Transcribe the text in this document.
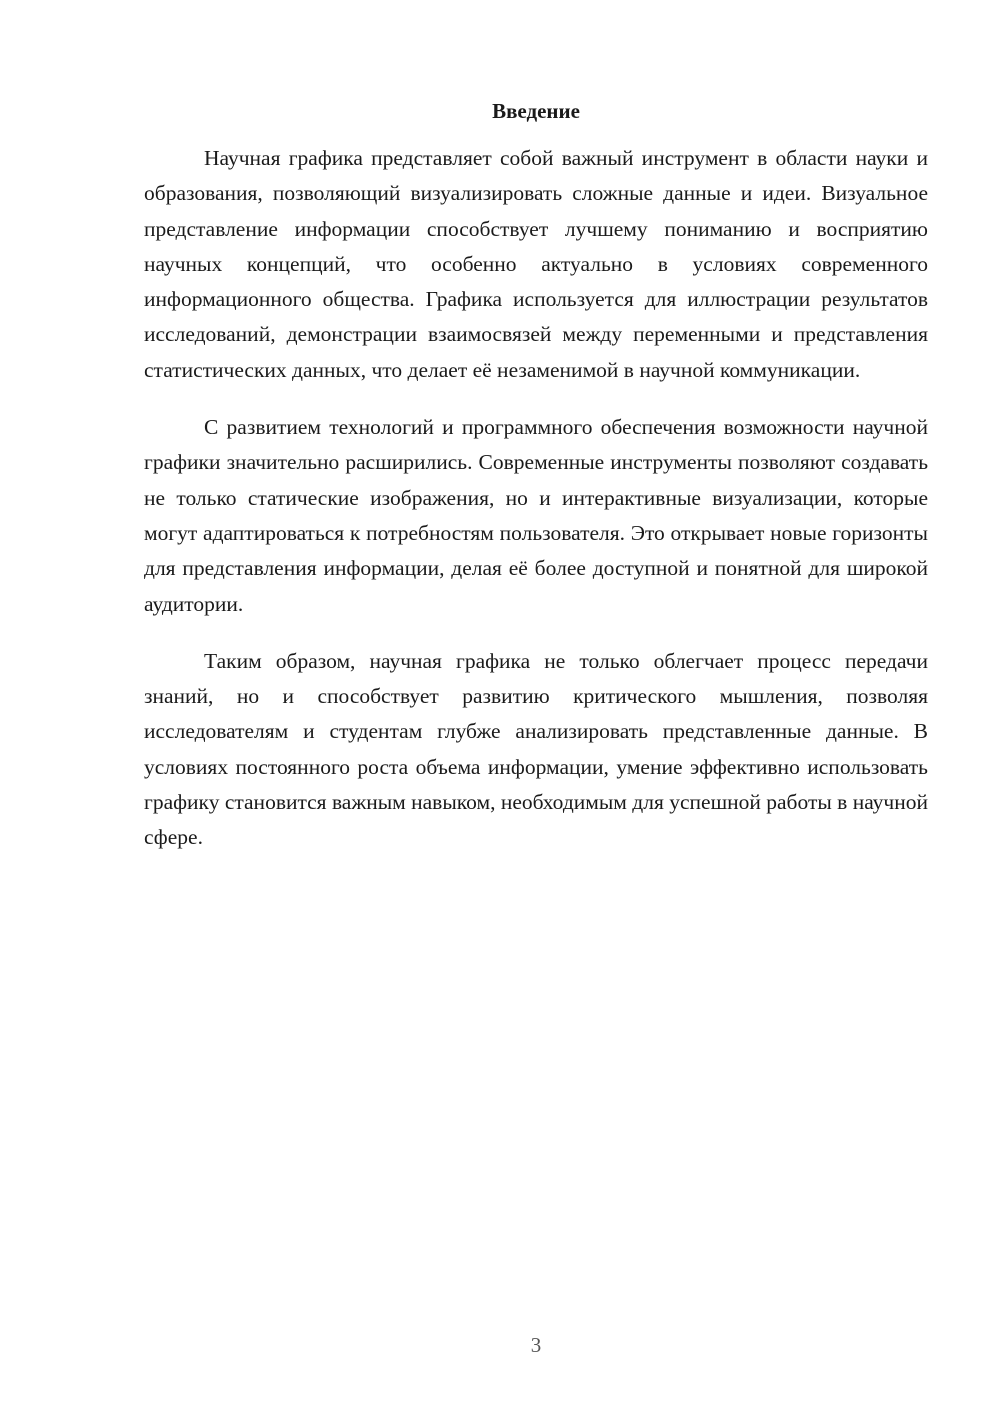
Введение

Научная графика представляет собой важный инструмент в области науки и образования, позволяющий визуализировать сложные данные и идеи. Визуальное представление информации способствует лучшему пониманию и восприятию научных концепций, что особенно актуально в условиях современного информационного общества. Графика используется для иллюстрации результатов исследований, демонстрации взаимосвязей между переменными и представления статистических данных, что делает её незаменимой в научной коммуникации.

С развитием технологий и программного обеспечения возможности научной графики значительно расширились. Современные инструменты позволяют создавать не только статические изображения, но и интерактивные визуализации, которые могут адаптироваться к потребностям пользователя. Это открывает новые горизонты для представления информации, делая её более доступной и понятной для широкой аудитории.

Таким образом, научная графика не только облегчает процесс передачи знаний, но и способствует развитию критического мышления, позволяя исследователям и студентам глубже анализировать представленные данные. В условиях постоянного роста объема информации, умение эффективно использовать графику становится важным навыком, необходимым для успешной работы в научной сфере.

3
